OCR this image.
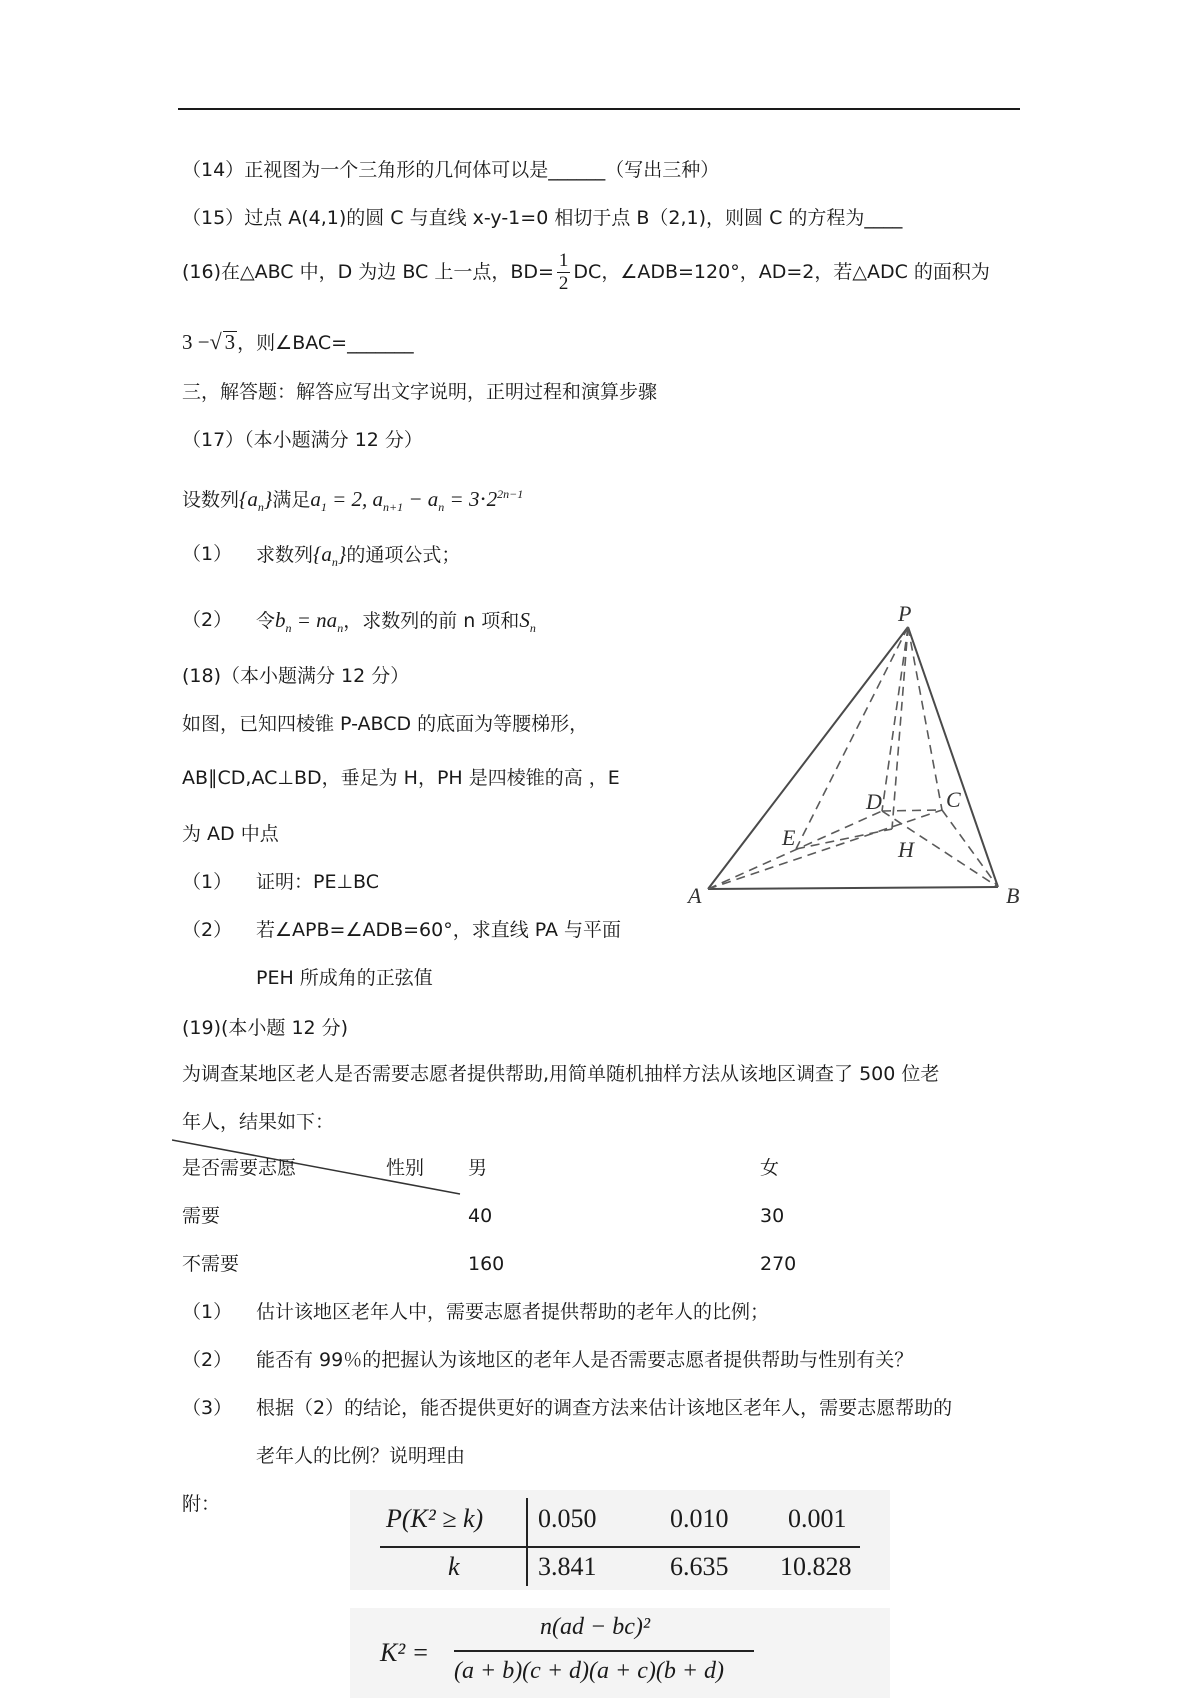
（14）正视图为一个三角形的几何体可以是______（写出三种）
（15）过点 A(4,1)的圆 C 与直线 x-y-1=0 相切于点 B（2,1)，则圆 C 的方程为____
(16)在△ABC 中，D 为边 BC 上一点，$BD= \frac{1}{2}$ DC，∠ADB=120°，AD=2，若△ADC 的面积为
3 −√ 3 ，则∠BAC=_______
三，解答题：解答应写出文字说明，正明过程和演算步骤
（17）（本小题满分 12 分）
设数列$\{a_n\}$满足$a_1 = 2$, $a_{n+1} - a_n = 3\cdot 2^{2n-1}$
（1） 求数列$\{a_n\}$的通项公式；
（2） 令$b_n = na_n$，求数列的前 n 项和$S_n$
(18)（本小题满分 12 分）
如图，已知四棱锥 P-ABCD 的底面为等腰梯形，
AB∥CD,AC⊥BD，垂足为 H，PH 是四棱锥的高 ，E
为 AD 中点
（1） 证明：PE⊥BC
（2） 若∠APB=∠ADB=60°，求直线 PA 与平面
PEH 所成角的正弦值
P
A	B
C
D
E	H
(19)(本小题 12 分)
为调查某地区老人是否需要志愿者提供帮助,用简单随机抽样方法从该地区调查了 500 位老
年人，结果如下：
是否需要志愿	性别 男	女
需要	40	30
不需要	160	270
（1） 估计该地区老年人中，需要志愿者提供帮助的老年人的比例；
（2） 能否有 99％的把握认为该地区的老年人是否需要志愿者提供帮助与性别有关？
（3） 根据（2）的结论，能否提供更好的调查方法来估计该地区老年人，需要志愿帮助的
老年人的比例？说明理由
附：	P(K² ≥ k) 0.050	0.010 0.001
k	3.841	6.635 10.828
K² =
n(ad − bc)²
(a + b)(c + d)(a + c)(b + d)
